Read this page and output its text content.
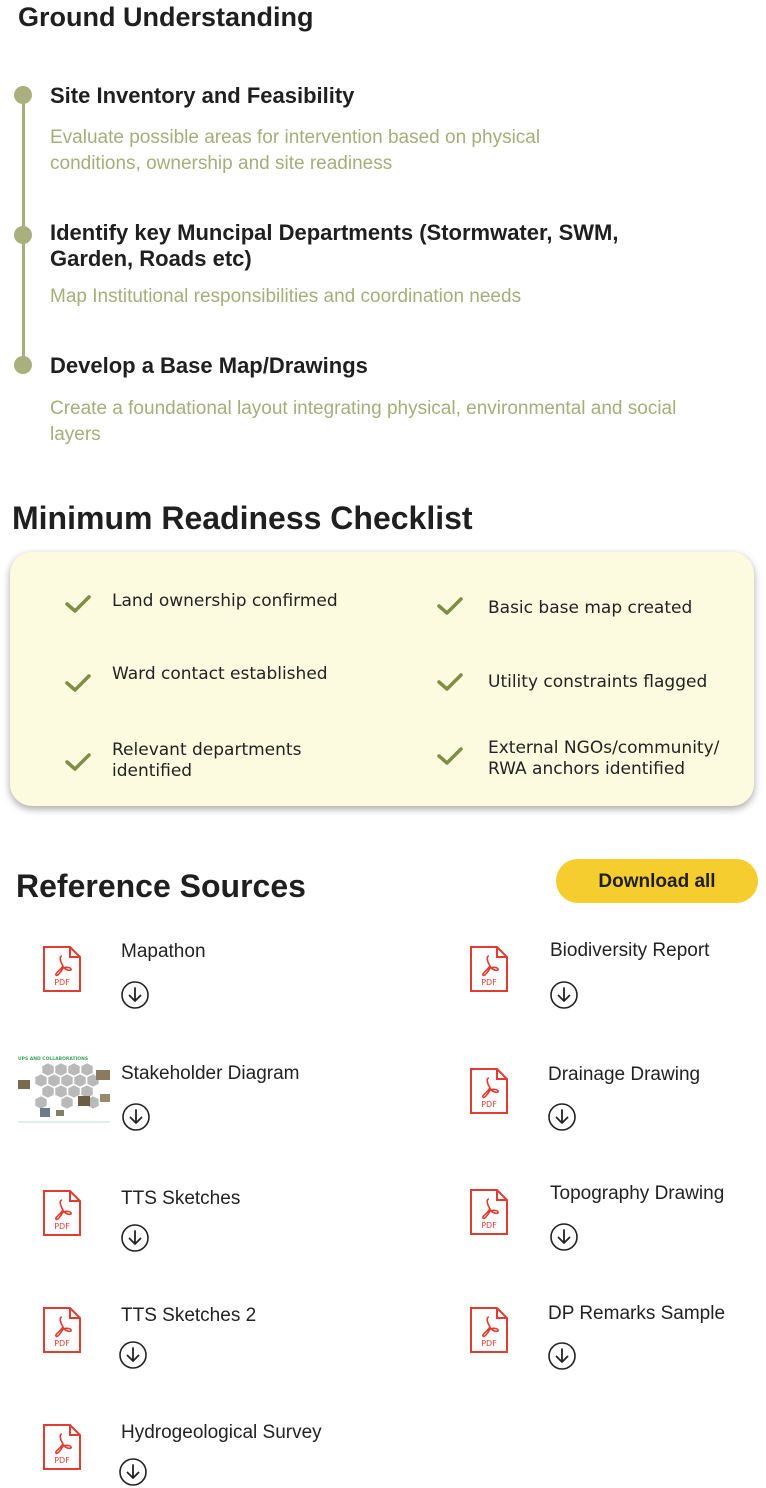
Ground Understanding
Site Inventory and Feasibility
Evaluate possible areas for intervention based on physical conditions, ownership and site readiness
Identify key Muncipal Departments (Stormwater, SWM, Garden, Roads etc)
Map Institutional responsibilities and coordination needs
Develop a Base Map/Drawings
Create a foundational layout integrating physical, environmental and social layers
Minimum Readiness Checklist
Land ownership confirmed
Ward contact established
Relevant departments identified
Basic base map created
Utility constraints flagged
External NGOs/community/ RWA anchors identified
Reference Sources	Download all
PDF
Mapathon
PDF
Biodiversity Report
UPS AND COLLABORATIONS
Stakeholder Diagram
PDF
Drainage Drawing
PDF
TTS Sketches
PDF
Topography Drawing
PDF
TTS Sketches 2
PDF
DP Remarks Sample
PDF
Hydrogeological Survey
